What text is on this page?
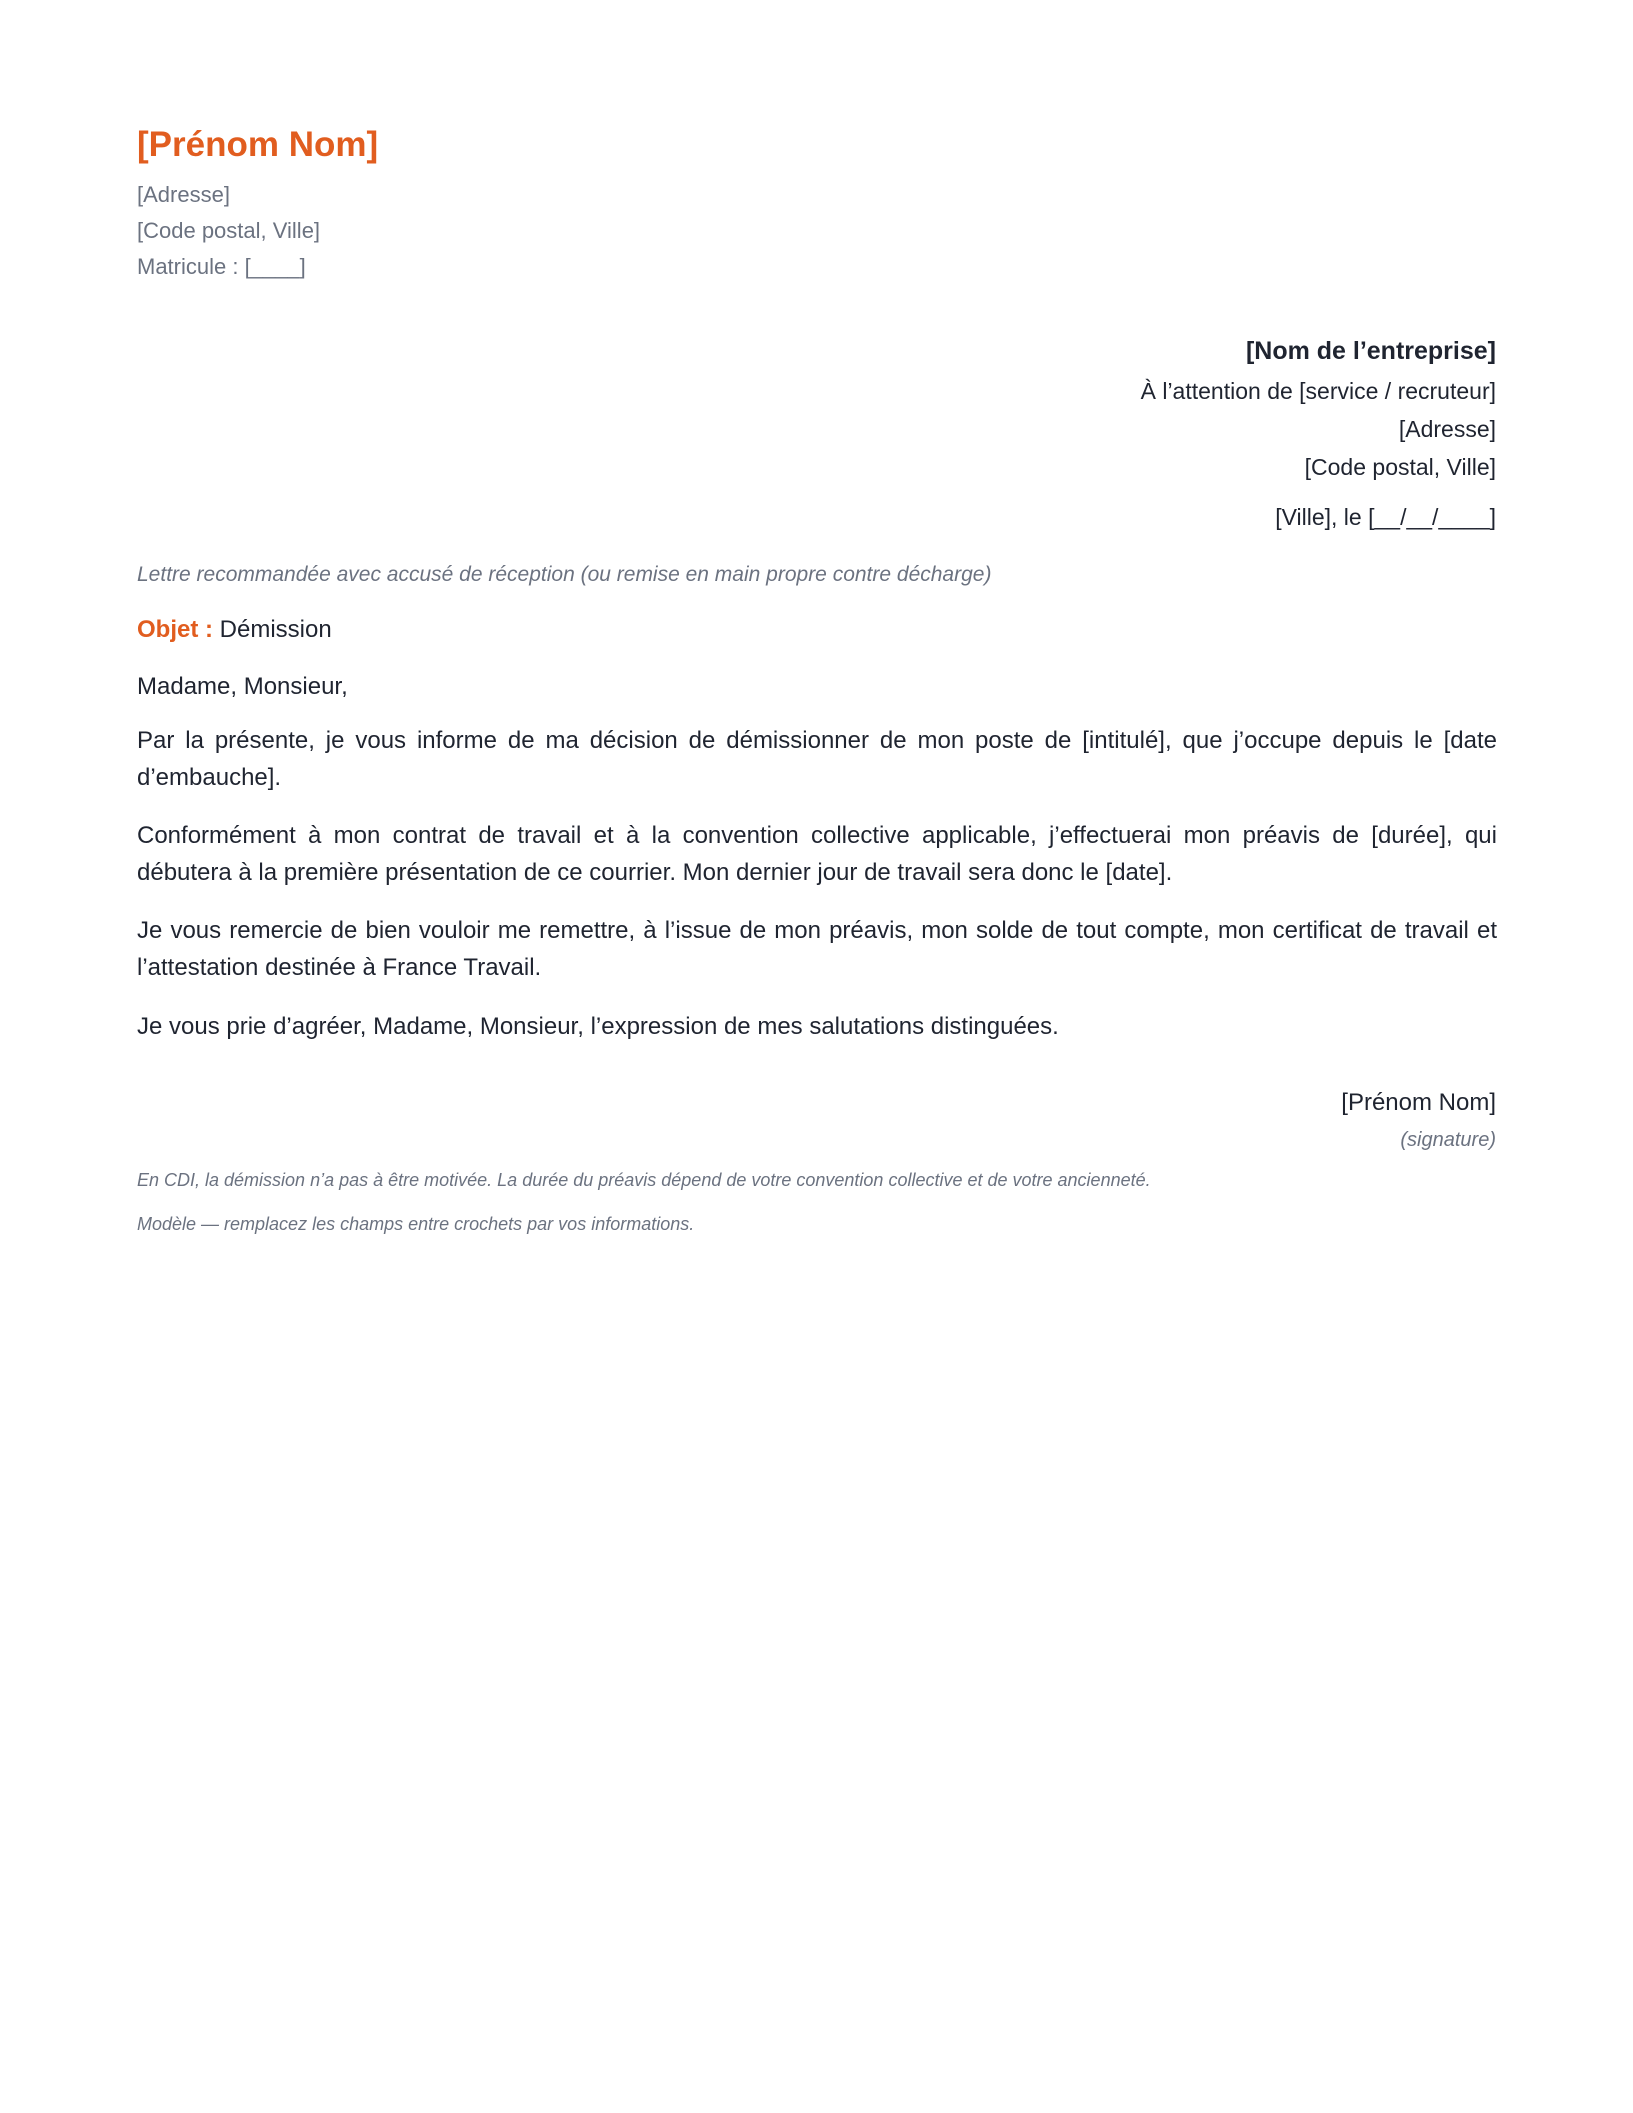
[Prénom Nom]
[Adresse]
[Code postal, Ville]
Matricule : [____]
[Nom de l’entreprise]
À l’attention de [service / recruteur]
[Adresse]
[Code postal, Ville]
[Ville], le [__/__/____]
Lettre recommandée avec accusé de réception (ou remise en main propre contre décharge)
Objet : Démission
Madame, Monsieur,
Par la présente, je vous informe de ma décision de démissionner de mon poste de [intitulé], que j’occupe depuis le [date d’embauche].
Conformément à mon contrat de travail et à la convention collective applicable, j’effectuerai mon préavis de [durée], qui débutera à la première présentation de ce courrier. Mon dernier jour de travail sera donc le [date].
Je vous remercie de bien vouloir me remettre, à l’issue de mon préavis, mon solde de tout compte, mon certificat de travail et l’attestation destinée à France Travail.
Je vous prie d’agréer, Madame, Monsieur, l’expression de mes salutations distinguées.
[Prénom Nom]
(signature)
En CDI, la démission n’a pas à être motivée. La durée du préavis dépend de votre convention collective et de votre ancienneté.
Modèle — remplacez les champs entre crochets par vos informations.
